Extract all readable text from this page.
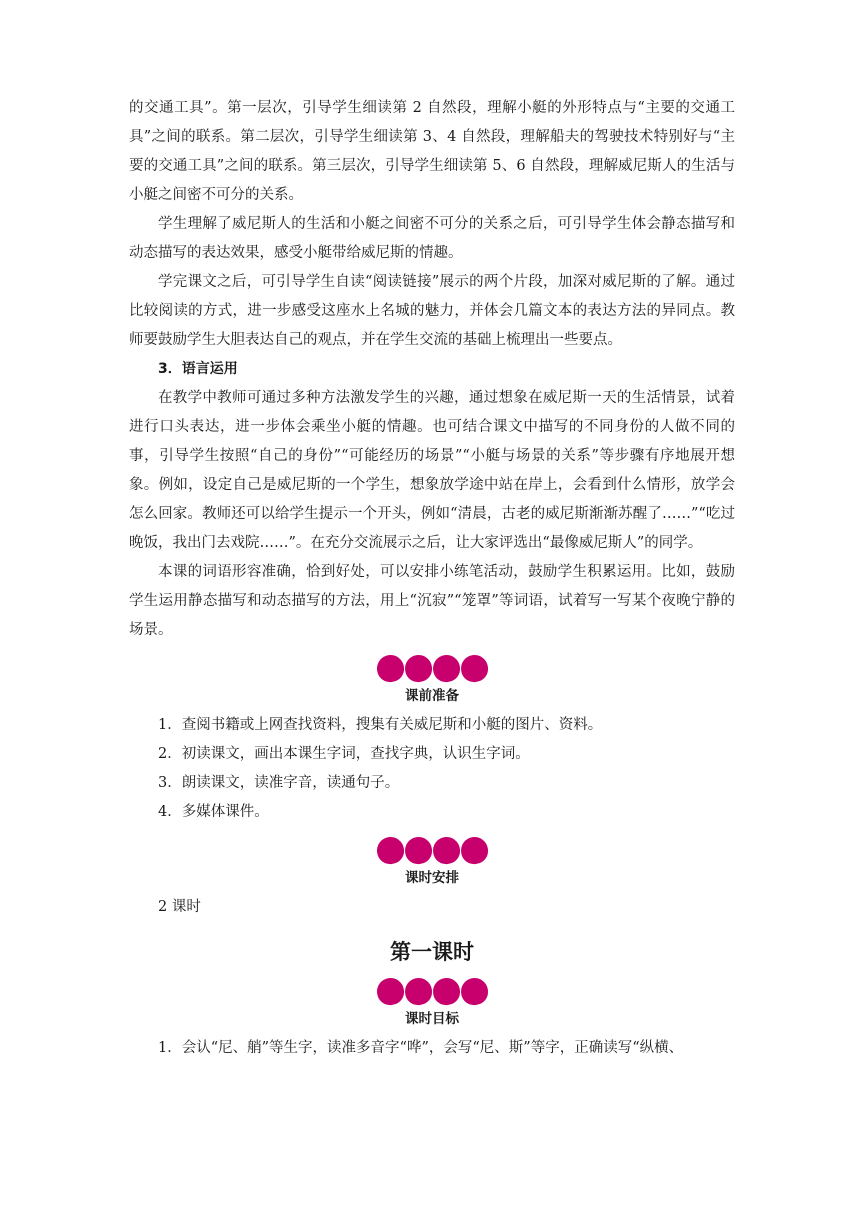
的交通工具”。第一层次，引导学生细读第 2 自然段，理解小艇的外形特点与“主要的交通工具”之间的联系。第二层次，引导学生细读第 3、4 自然段，理解船夫的驾驶技术特别好与“主要的交通工具”之间的联系。第三层次，引导学生细读第 5、6 自然段，理解威尼斯人的生活与小艇之间密不可分的关系。

学生理解了威尼斯人的生活和小艇之间密不可分的关系之后，可引导学生体会静态描写和动态描写的表达效果，感受小艇带给威尼斯的情趣。

学完课文之后，可引导学生自读“阅读链接”展示的两个片段，加深对威尼斯的了解。通过比较阅读的方式，进一步感受这座水上名城的魅力，并体会几篇文本的表达方法的异同点。教师要鼓励学生大胆表达自己的观点，并在学生交流的基础上梳理出一些要点。

3．语言运用

在教学中教师可通过多种方法激发学生的兴趣，通过想象在威尼斯一天的生活情景，试着进行口头表达，进一步体会乘坐小艇的情趣。也可结合课文中描写的不同身份的人做不同的事，引导学生按照“自己的身份”“可能经历的场景”“小艇与场景的关系”等步骤有序地展开想象。例如，设定自己是威尼斯的一个学生，想象放学途中站在岸上，会看到什么情形，放学会怎么回家。教师还可以给学生提示一个开头，例如“清晨，古老的威尼斯渐渐苏醒了……”“吃过晚饭，我出门去戏院……”。在充分交流展示之后，让大家评选出“最像威尼斯人”的同学。

本课的词语形容准确，恰到好处，可以安排小练笔活动，鼓励学生积累运用。比如，鼓励学生运用静态描写和动态描写的方法，用上“沉寂”“笼罩”等词语，试着写一写某个夜晚宁静的场景。

课前准备

1．查阅书籍或上网查找资料，搜集有关威尼斯和小艇的图片、资料。

2．初读课文，画出本课生字词，查找字典，认识生字词。

3．朗读课文，读准字音，读通句子。

4．多媒体课件。

课时安排

2 课时

第一课时

课时目标

1．会认“尼、艄”等生字，读准多音字“哗”，会写“尼、斯”等字，正确读写“纵横、
